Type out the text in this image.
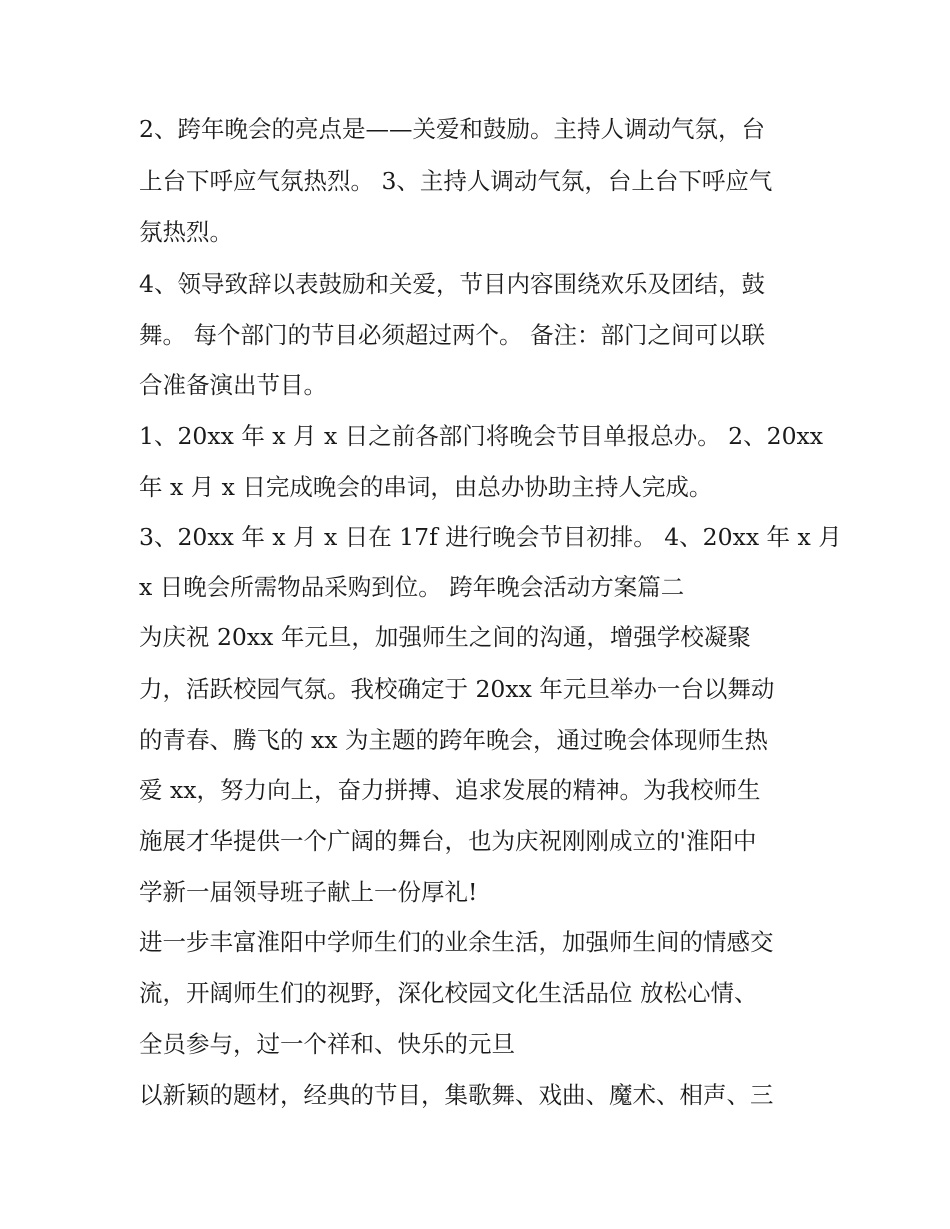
2、跨年晚会的亮点是——关爱和鼓励。主持人调动气氛，台
上台下呼应气氛热烈。 3、主持人调动气氛，台上台下呼应气
氛热烈。
4、领导致辞以表鼓励和关爱，节目内容围绕欢乐及团结，鼓
舞。 每个部门的节目必须超过两个。 备注：部门之间可以联
合准备演出节目。
1、20xx 年 x 月 x 日之前各部门将晚会节目单报总办。 2、20xx
年 x 月 x 日完成晚会的串词，由总办协助主持人完成。
3、20xx 年 x 月 x 日在 17f 进行晚会节目初排。 4、20xx 年 x 月
x 日晚会所需物品采购到位。 跨年晚会活动方案篇二
为庆祝 20xx 年元旦，加强师生之间的沟通，增强学校凝聚
力，活跃校园气氛。我校确定于 20xx 年元旦举办一台以舞动
的青春、腾飞的 xx 为主题的跨年晚会，通过晚会体现师生热
爱 xx，努力向上，奋力拼搏、追求发展的精神。为我校师生
施展才华提供一个广阔的舞台，也为庆祝刚刚成立的'淮阳中
学新一届领导班子献上一份厚礼!
进一步丰富淮阳中学师生们的业余生活，加强师生间的情感交
流，开阔师生们的视野，深化校园文化生活品位 放松心情、
全员参与，过一个祥和、快乐的元旦
以新颖的题材，经典的节目，集歌舞、戏曲、魔术、相声、三
